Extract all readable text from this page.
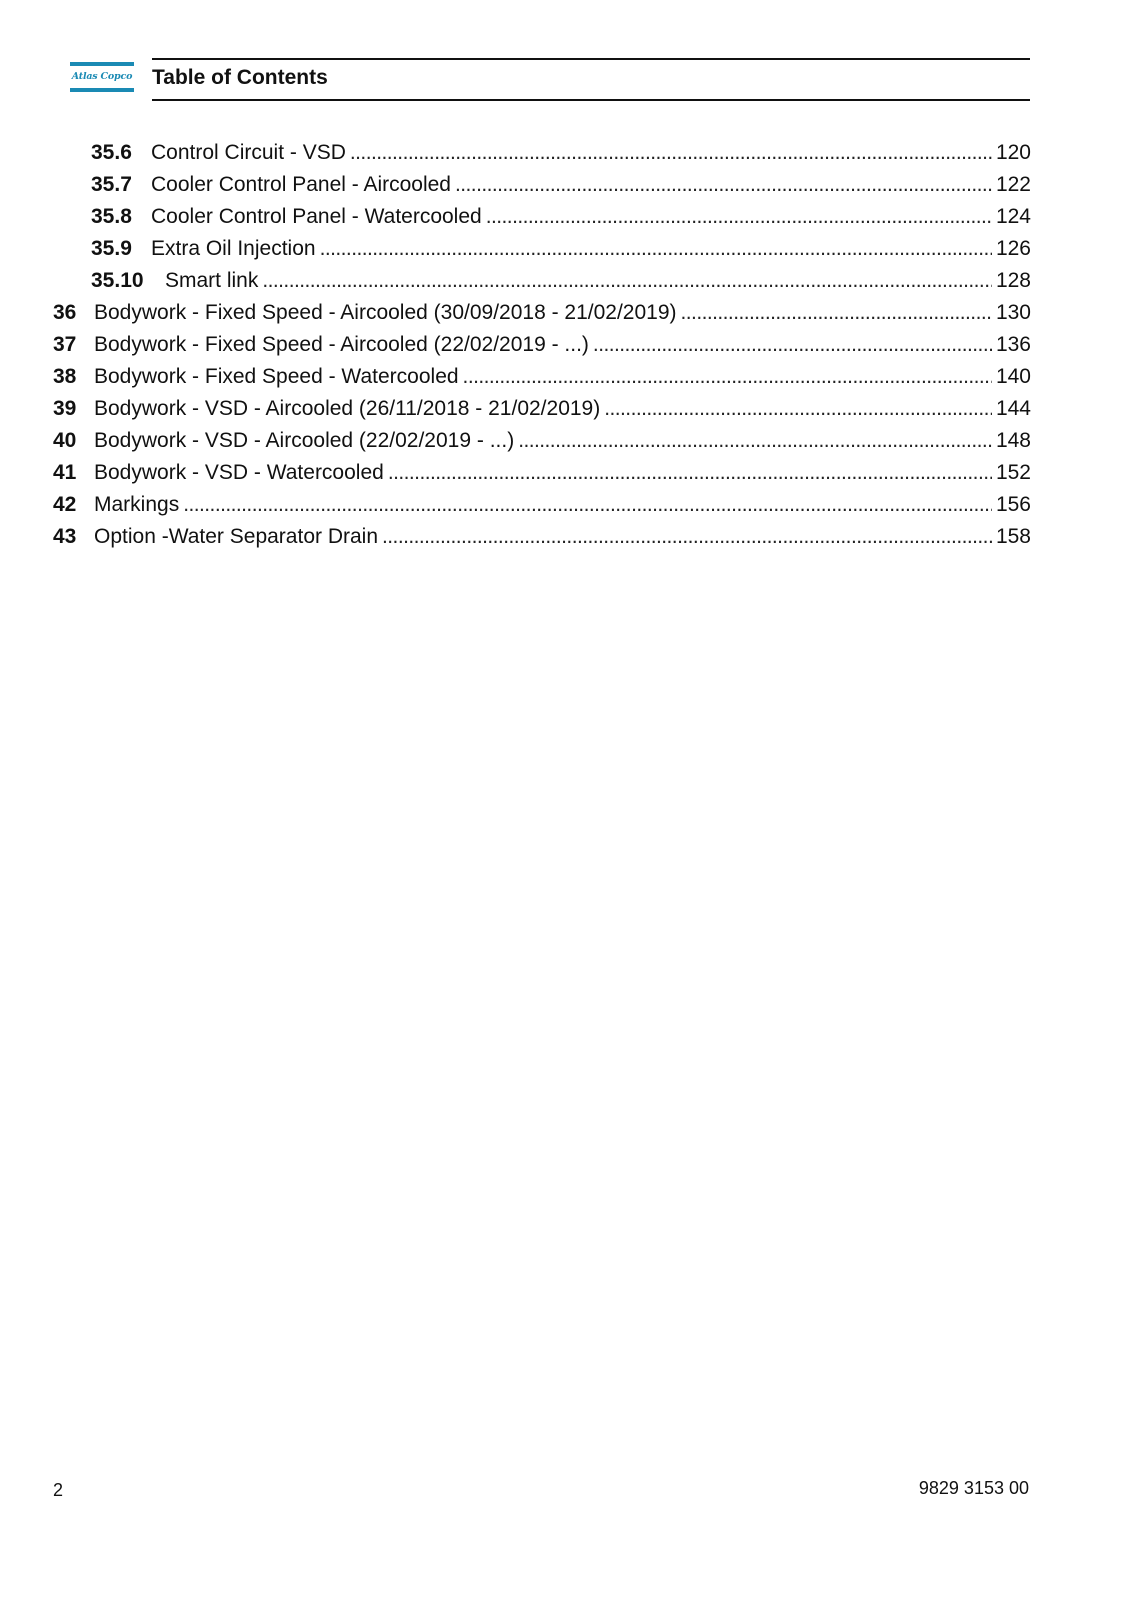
Atlas Copco Table of Contents
35.6 Control Circuit - VSD . . .	120
35.7 Cooler Control Panel - Aircooled . . .	122
35.8 Cooler Control Panel - Watercooled . . .	124
35.9 Extra Oil Injection . . .	126
35.10	Smart link . . .	128
36 Bodywork - Fixed Speed - Aircooled (30/09/2018 - 21/02/2019) . . .	130
37 Bodywork - Fixed Speed - Aircooled (22/02/2019 - ...) . . .	136
38 Bodywork - Fixed Speed - Watercooled . . .	140
39 Bodywork - VSD - Aircooled (26/11/2018 - 21/02/2019) . . .	144
40 Bodywork - VSD - Aircooled (22/02/2019 - ...) . . .	148
41 Bodywork - VSD - Watercooled . . .	152
42 Markings . . .	156
43 Option -Water Separator Drain . . .	158
2	9829 3153 00
